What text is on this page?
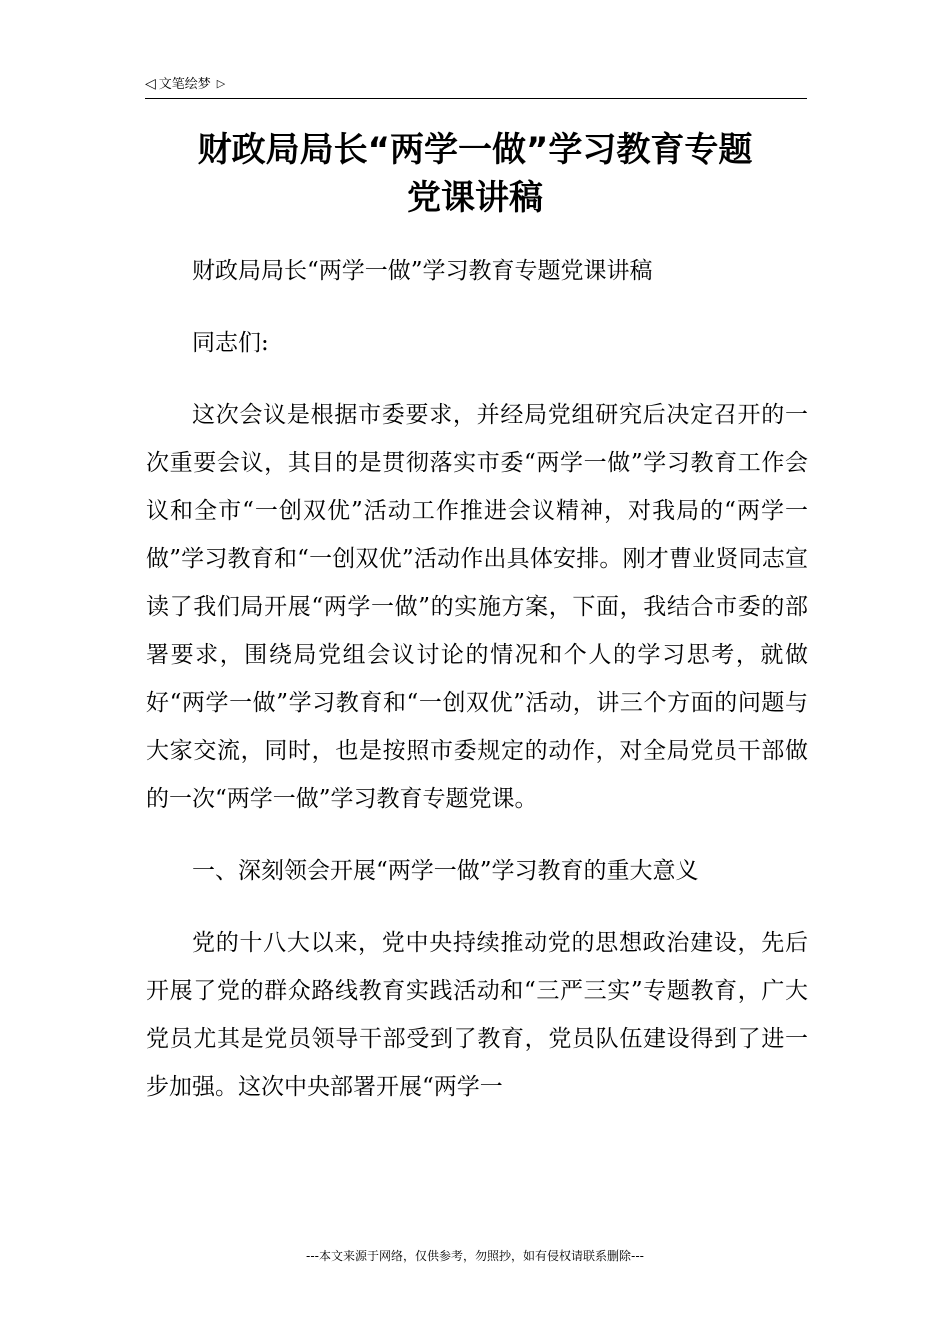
◁ 文笔绘梦 ▷
财政局局长“两学一做”学习教育专题
党课讲稿

财政局局长“两学一做”学习教育专题党课讲稿

同志们:

这次会议是根据市委要求，并经局党组研究后决定召开的一次重要会议，其目的是贯彻落实市委“两学一做”学习教育工作会议和全市“一创双优”活动工作推进会议精神，对我局的“两学一做”学习教育和“一创双优”活动作出具体安排。刚才曹业贤同志宣读了我们局开展“两学一做”的实施方案，下面，我结合市委的部署要求，围绕局党组会议讨论的情况和个人的学习思考，就做好“两学一做”学习教育和“一创双优”活动，讲三个方面的问题与大家交流，同时，也是按照市委规定的动作，对全局党员干部做的一次“两学一做”学习教育专题党课。

一、深刻领会开展“两学一做”学习教育的重大意义

党的十八大以来，党中央持续推动党的思想政治建设，先后开展了党的群众路线教育实践活动和“三严三实”专题教育，广大党员尤其是党员领导干部受到了教育，党员队伍建设得到了进一步加强。这次中央部署开展“两学一

---本文来源于网络，仅供参考，勿照抄，如有侵权请联系删除---
